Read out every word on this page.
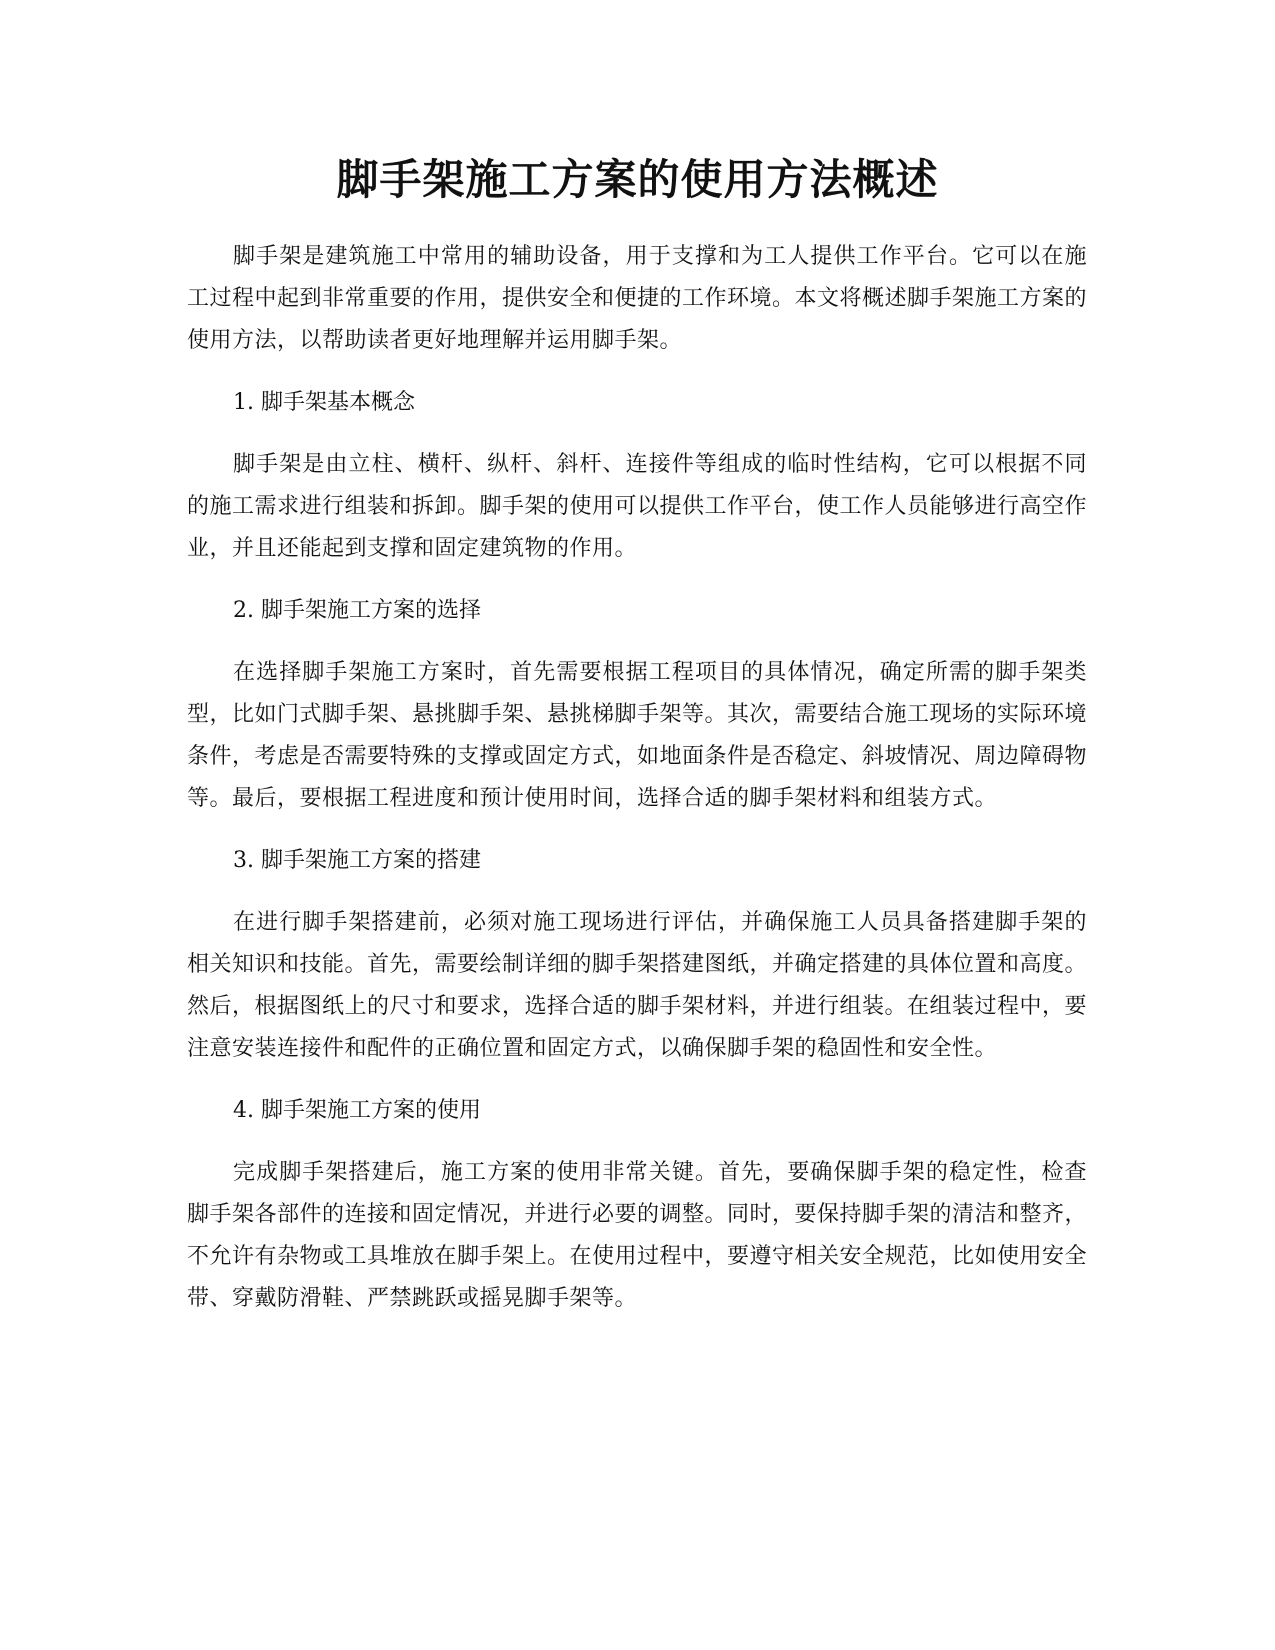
脚手架施工方案的使用方法概述

脚手架是建筑施工中常用的辅助设备，用于支撑和为工人提供工作平台。它可以在施工过程中起到非常重要的作用，提供安全和便捷的工作环境。本文将概述脚手架施工方案的使用方法，以帮助读者更好地理解并运用脚手架。

1. 脚手架基本概念

脚手架是由立柱、横杆、纵杆、斜杆、连接件等组成的临时性结构，它可以根据不同的施工需求进行组装和拆卸。脚手架的使用可以提供工作平台，使工作人员能够进行高空作业，并且还能起到支撑和固定建筑物的作用。

2. 脚手架施工方案的选择

在选择脚手架施工方案时，首先需要根据工程项目的具体情况，确定所需的脚手架类型，比如门式脚手架、悬挑脚手架、悬挑梯脚手架等。其次，需要结合施工现场的实际环境条件，考虑是否需要特殊的支撑或固定方式，如地面条件是否稳定、斜坡情况、周边障碍物等。最后，要根据工程进度和预计使用时间，选择合适的脚手架材料和组装方式。

3. 脚手架施工方案的搭建

在进行脚手架搭建前，必须对施工现场进行评估，并确保施工人员具备搭建脚手架的相关知识和技能。首先，需要绘制详细的脚手架搭建图纸，并确定搭建的具体位置和高度。然后，根据图纸上的尺寸和要求，选择合适的脚手架材料，并进行组装。在组装过程中，要注意安装连接件和配件的正确位置和固定方式，以确保脚手架的稳固性和安全性。

4. 脚手架施工方案的使用

完成脚手架搭建后，施工方案的使用非常关键。首先，要确保脚手架的稳定性，检查脚手架各部件的连接和固定情况，并进行必要的调整。同时，要保持脚手架的清洁和整齐，不允许有杂物或工具堆放在脚手架上。在使用过程中，要遵守相关安全规范，比如使用安全带、穿戴防滑鞋、严禁跳跃或摇晃脚手架等。
